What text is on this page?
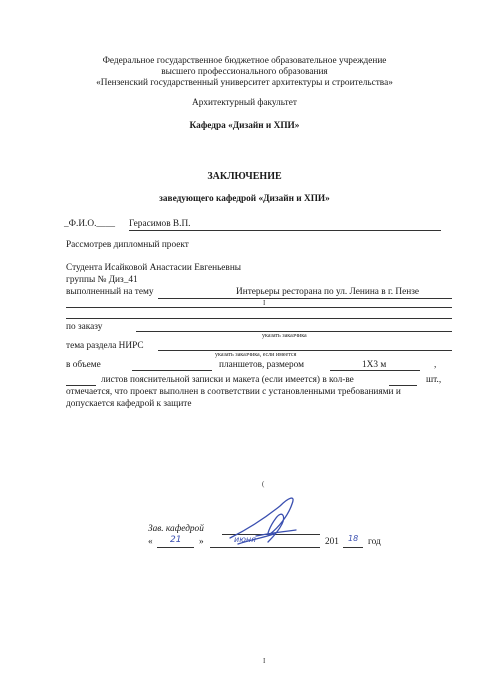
Федеральное государственное бюджетное образовательное учреждение
высшего профессионального образования
«Пензенский государственный университет архитектуры и строительства»
Архитектурный факультет
Кафедра «Дизайн и ХПИ»
ЗАКЛЮЧЕНИЕ
заведующего кафедрой «Дизайн и ХПИ»
_Ф.И.О.____ Герасимов В.П.
Рассмотрев дипломный проект
Студента Исайковой Анастасии Евгеньевны
группы № Диз_41
выполненный на тему	Интерьеры ресторана по ул. Ленина в г. Пензе
I
по заказу
указать заказчика
тема раздела НИРС
указать заказчика, если имеется
в объеме	планшетов, размером	1Х3 м	,
листов пояснительной записки и макета (если имеется) в кол-ве	шт.,
отмечается, что проект выполнен в соответствии с установленными требованиями и
допускается кафедрой к защите
(
Зав. кафедрой
« 21 »	июня	201 18 год
I
